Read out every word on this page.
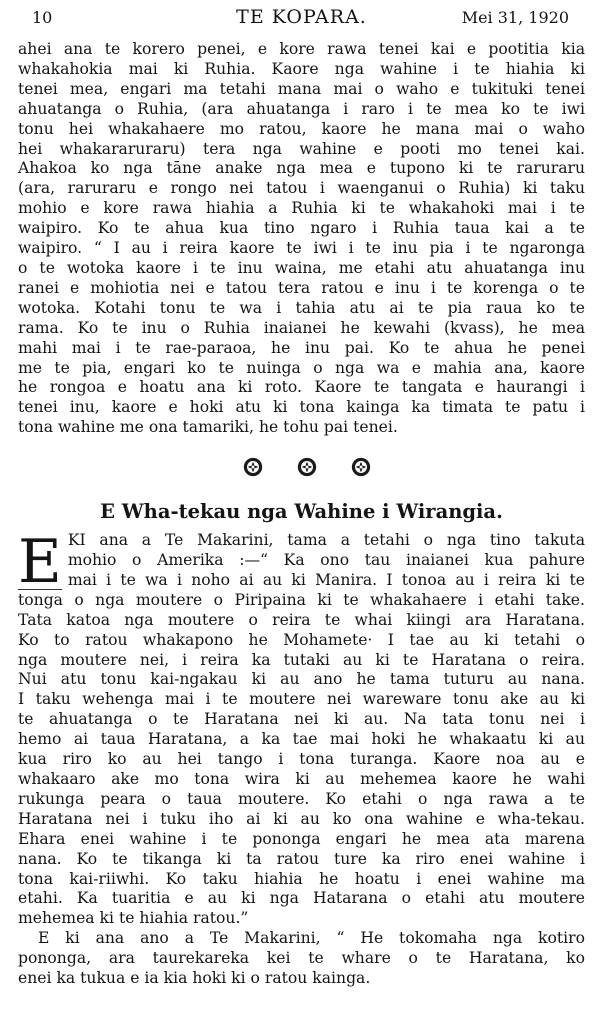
10	TE KOPARA.	Mei 31, 1920
ahei ana te korero penei, e kore rawa tenei kai e pootitia kia
whakahokia mai ki Ruhia. Kaore nga wahine i te hiahia ki
tenei mea, engari ma tetahi mana mai o waho e tukituki tenei
ahuatanga o Ruhia, (ara ahuatanga i raro i te mea ko te iwi
tonu hei whakahaere mo ratou, kaore he mana mai o waho
hei whakararuraru) tera nga wahine e pooti mo tenei kai.
Ahakoa ko nga tāne anake nga mea e tupono ki te raruraru
(ara, raruraru e rongo nei tatou i waenganui o Ruhia) ki taku
mohio e kore rawa hiahia a Ruhia ki te whakahoki mai i te
waipiro. Ko te ahua kua tino ngaro i Ruhia taua kai a te
waipiro. “ I au i reira kaore te iwi i te inu pia i te ngaronga
o te wotoka kaore i te inu waina, me etahi atu ahuatanga inu
ranei e mohiotia nei e tatou tera ratou e inu i te korenga o te
wotoka. Kotahi tonu te wa i tahia atu ai te pia raua ko te
rama. Ko te inu o Ruhia inaianei he kewahi (kvass), he mea
mahi mai i te rae-paraoa, he inu pai. Ko te ahua he penei
me te pia, engari ko te nuinga o nga wa e mahia ana, kaore
he rongoa e hoatu ana ki roto. Kaore te tangata e haurangi i
tenei inu, kaore e hoki atu ki tona kainga ka timata te patu i
tona wahine me ona tamariki, he tohu pai tenei.
E Wha-tekau nga Wahine i Wirangia.
E KI ana a Te Makarini, tama a tetahi o nga tino takuta
mohio o Amerika :—“ Ka ono tau inaianei kua pahure
mai i te wa i noho ai au ki Manira. I tonoa au i reira ki te
tonga o nga moutere o Piripaina ki te whakahaere i etahi take.
Tata katoa nga moutere o reira te whai kiingi ara Haratana.
Ko to ratou whakapono he Mohamete· I tae au ki tetahi o
nga moutere nei, i reira ka tutaki au ki te Haratana o reira.
Nui atu tonu kai-ngakau ki au ano he tama tuturu au nana.
I taku wehenga mai i te moutere nei wareware tonu ake au ki
te ahuatanga o te Haratana nei ki au. Na tata tonu nei i
hemo ai taua Haratana, a ka tae mai hoki he whakaatu ki au
kua riro ko au hei tango i tona turanga. Kaore noa au e
whakaaro ake mo tona wira ki au mehemea kaore he wahi
rukunga peara o taua moutere. Ko etahi o nga rawa a te
Haratana nei i tuku iho ai ki au ko ona wahine e wha-tekau.
Ehara enei wahine i te pononga engari he mea ata marena
nana. Ko te tikanga ki ta ratou ture ka riro enei wahine i
tona kai-riiwhi. Ko taku hiahia he hoatu i enei wahine ma
etahi. Ka tuaritia e au ki nga Hatarana o etahi atu moutere
mehemea ki te hiahia ratou.”
E ki ana ano a Te Makarini, “ He tokomaha nga kotiro
pononga, ara taurekareka kei te whare o te Haratana, ko
enei ka tukua e ia kia hoki ki o ratou kainga.
